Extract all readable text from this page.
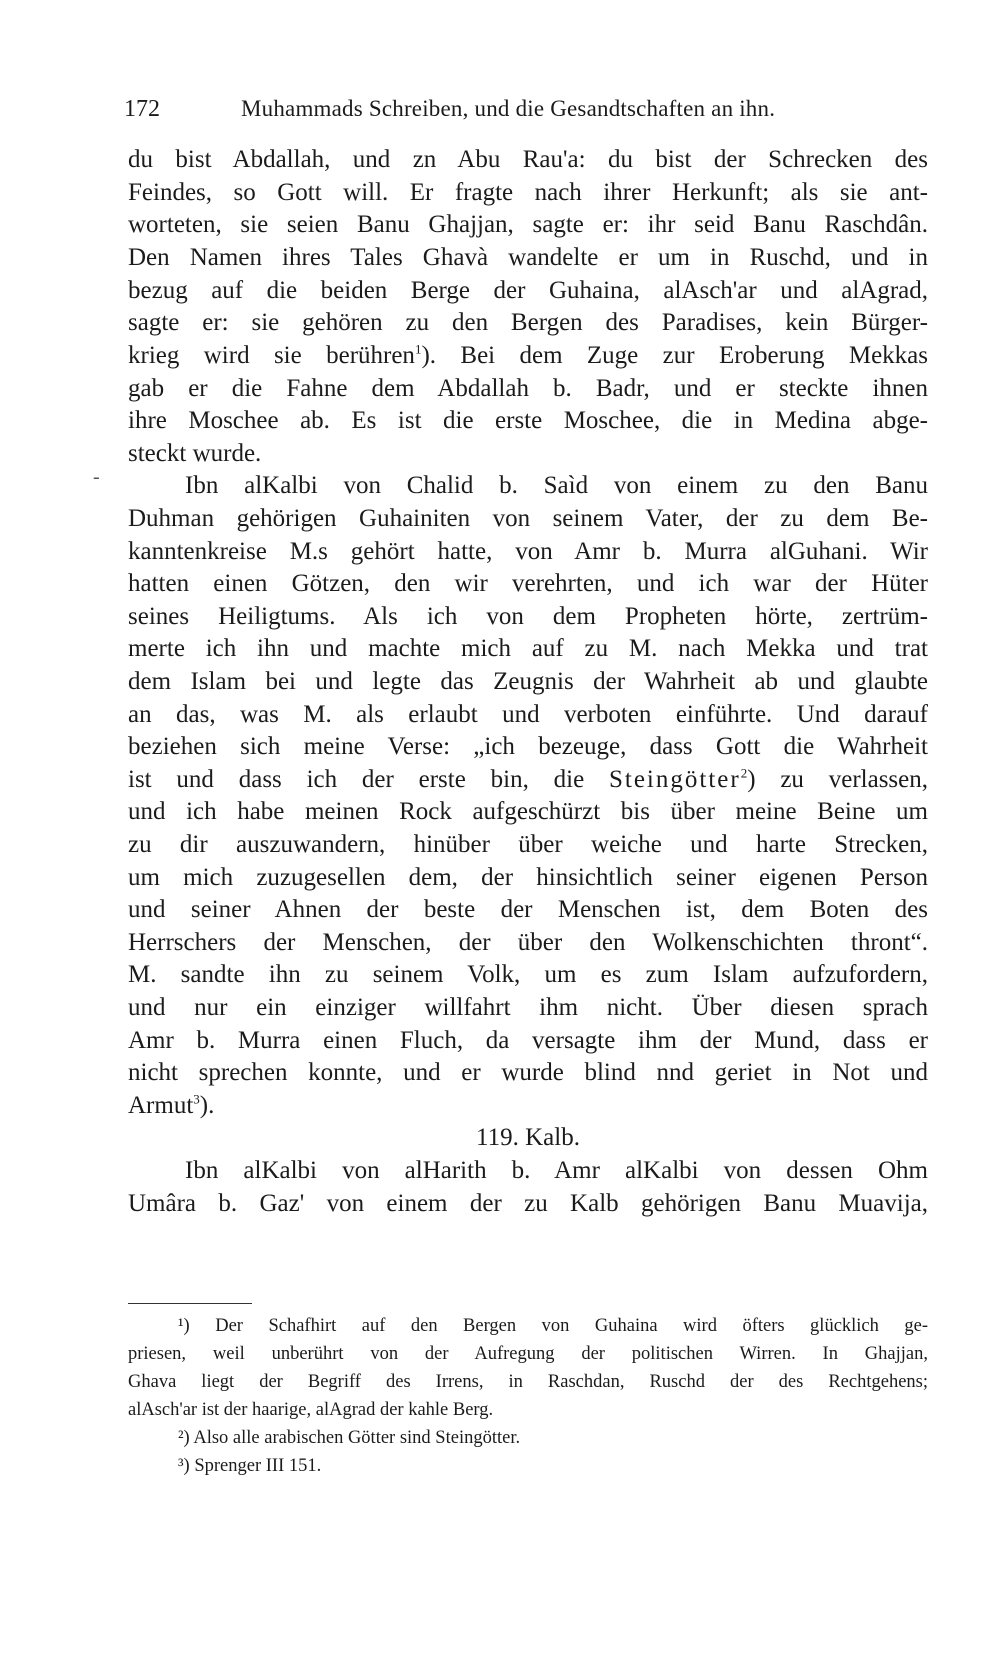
172	Muhammads Schreiben, und die Gesandtschaften an ihn.
-
du bist Abdallah, und zn Abu Rau'a: du bist der Schrecken des
Feindes, so Gott will. Er fragte nach ihrer Herkunft; als sie ant-
worteten, sie seien Banu Ghajjan, sagte er: ihr seid Banu Raschdân.
Den Namen ihres Tales Ghavà wandelte er um in Ruschd, und in
bezug auf die beiden Berge der Guhaina, alAsch'ar und alAgrad,
sagte er: sie gehören zu den Bergen des Paradises, kein Bürger-
krieg wird sie berühren$^1$). Bei dem Zuge zur Eroberung Mekkas
gab er die Fahne dem Abdallah b. Badr, und er steckte ihnen
ihre Moschee ab. Es ist die erste Moschee, die in Medina abge-
steckt wurde.
Ibn alKalbi von Chalid b. Saìd von einem zu den Banu
Duhman gehörigen Guhainiten von seinem Vater, der zu dem Be-
kanntenkreise M.s gehört hatte, von Amr b. Murra alGuhani. Wir
hatten einen Götzen, den wir verehrten, und ich war der Hüter
seines Heiligtums. Als ich von dem Propheten hörte, zertrüm-
merte ich ihn und machte mich auf zu M. nach Mekka und trat
dem Islam bei und legte das Zeugnis der Wahrheit ab und glaubte
an das, was M. als erlaubt und verboten einführte. Und darauf
beziehen sich meine Verse: „ich bezeuge, dass Gott die Wahrheit
ist und dass ich der erste bin, die Steingötter$^2$) zu verlassen,
und ich habe meinen Rock aufgeschürzt bis über meine Beine um
zu dir auszuwandern, hinüber über weiche und harte Strecken,
um mich zuzugesellen dem, der hinsichtlich seiner eigenen Person
und seiner Ahnen der beste der Menschen ist, dem Boten des
Herrschers der Menschen, der über den Wolkenschichten thront“.
M. sandte ihn zu seinem Volk, um es zum Islam aufzufordern,
und nur ein einziger willfahrt ihm nicht. Über diesen sprach
Amr b. Murra einen Fluch, da versagte ihm der Mund, dass er
nicht sprechen konnte, und er wurde blind nnd geriet in Not und
Armut$^3$).
119. Kalb.
Ibn alKalbi von alHarith b. Amr alKalbi von dessen Ohm
Umâra b. Gaz' von einem der zu Kalb gehörigen Banu Muavija,
¹) Der Schafhirt auf den Bergen von Guhaina wird öfters glücklich ge-
priesen, weil unberührt von der Aufregung der politischen Wirren. In Ghajjan,
Ghava liegt der Begriff des Irrens, in Raschdan, Ruschd der des Rechtgehens;
alAsch'ar ist der haarige, alAgrad der kahle Berg.
²) Also alle arabischen Götter sind Steingötter.
³) Sprenger III 151.
